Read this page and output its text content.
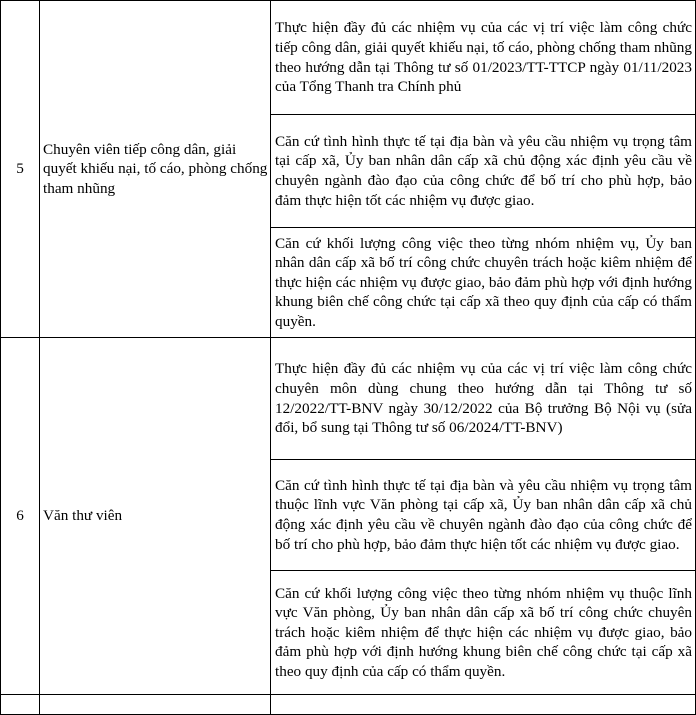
5	Chuyên viên tiếp công dân, giải quyết khiếu nại, tố cáo, phòng chống tham nhũng	Thực hiện đầy đủ các nhiệm vụ của các vị trí việc làm công chức tiếp công dân, giải quyết khiếu nại, tố cáo, phòng chống tham nhũng theo hướng dẫn tại Thông tư số 01/2023/TT-TTCP ngày 01/11/2023 của Tổng Thanh tra Chính phủ

		Căn cứ tình hình thực tế tại địa bàn và yêu cầu nhiệm vụ trọng tâm tại cấp xã, Ủy ban nhân dân cấp xã chủ động xác định yêu cầu về chuyên ngành đào đạo của công chức để bố trí cho phù hợp, bảo đảm thực hiện tốt các nhiệm vụ được giao.

		Căn cứ khối lượng công việc theo từng nhóm nhiệm vụ, Ủy ban nhân dân cấp xã bố trí công chức chuyên trách hoặc kiêm nhiệm để thực hiện các nhiệm vụ được giao, bảo đảm phù hợp với định hướng khung biên chế công chức tại cấp xã theo quy định của cấp có thẩm quyền.

6	Văn thư viên	Thực hiện đầy đủ các nhiệm vụ của các vị trí việc làm công chức chuyên môn dùng chung theo hướng dẫn tại Thông tư số 12/2022/TT-BNV ngày 30/12/2022 của Bộ trưởng Bộ Nội vụ (sửa đổi, bổ sung tại Thông tư số 06/2024/TT-BNV)

		Căn cứ tình hình thực tế tại địa bàn và yêu cầu nhiệm vụ trọng tâm thuộc lĩnh vực Văn phòng tại cấp xã, Ủy ban nhân dân cấp xã chủ động xác định yêu cầu về chuyên ngành đào đạo của công chức để bố trí cho phù hợp, bảo đảm thực hiện tốt các nhiệm vụ được giao.

		Căn cứ khối lượng công việc theo từng nhóm nhiệm vụ thuộc lĩnh vực Văn phòng, Ủy ban nhân dân cấp xã bố trí công chức chuyên trách hoặc kiêm nhiệm để thực hiện các nhiệm vụ được giao, bảo đảm phù hợp với định hướng khung biên chế công chức tại cấp xã theo quy định của cấp có thẩm quyền.
